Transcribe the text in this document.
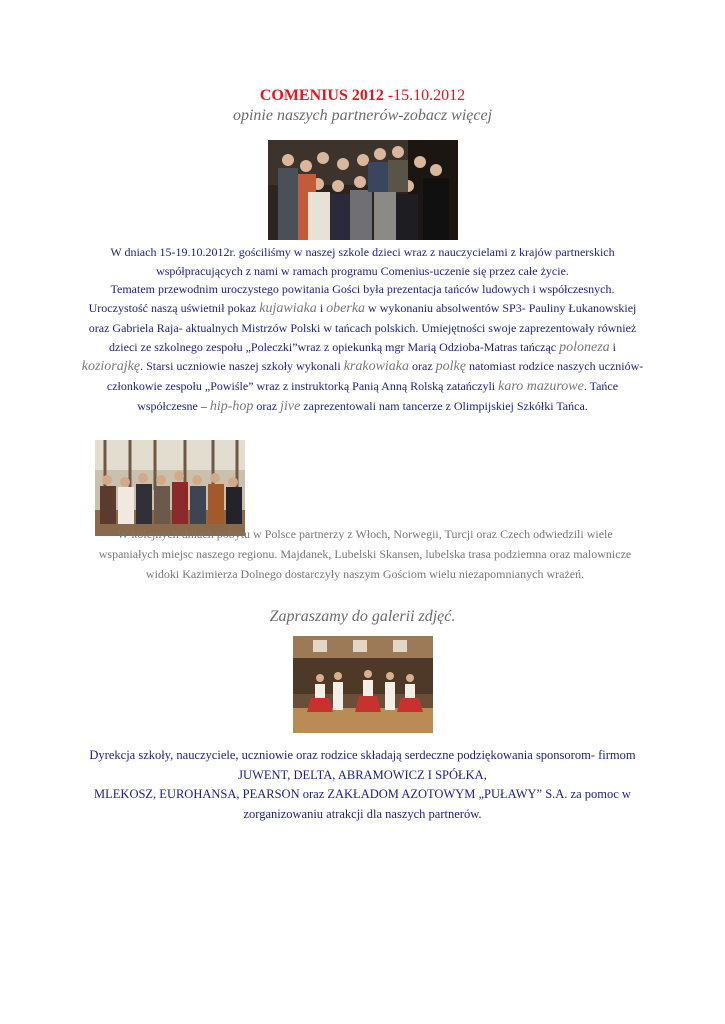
COMENIUS 2012 -15.10.2012
opinie naszych partnerów-zobacz więcej
W dniach 15-19.10.2012r. gościliśmy w naszej szkole dzieci wraz z nauczycielami z krajów partnerskich współpracujących z nami w ramach programu Comenius-uczenie się przez całe życie.
Tematem przewodnim uroczystego powitania Gości była prezentacja tańców ludowych i współczesnych. Uroczystość naszą uświetnił pokaz kujawiaka i oberka w wykonaniu absolwentów SP3- Pauliny Łukanowskiej oraz Gabriela Raja- aktualnych Mistrzów Polski w tańcach polskich. Umiejętności swoje zaprezentowały również dzieci ze szkolnego zespołu „Poleczki”wraz z opiekunką mgr Marią Odzioba-Matras tańcząc poloneza i koziorajkę. Starsi uczniowie naszej szkoły wykonali krakowiaka oraz polkę natomiast rodzice naszych uczniów-członkowie zespołu „Powiśle” wraz z instruktorką Panią Anną Rolską zatańczyli karo mazurowe. Tańce współczesne – hip-hop oraz jive zaprezentowali nam tancerze z Olimpijskiej Szkółki Tańca.
W kolejnych dniach pobytu w Polsce partnerzy z Włoch, Norwegii, Turcji oraz Czech odwiedzili wiele wspaniałych miejsc naszego regionu. Majdanek, Lubelski Skansen, lubelska trasa podziemna oraz malownicze widoki Kazimierza Dolnego dostarczyły naszym Gościom wielu niezapomnianych wrażeń.
Zapraszamy do galerii zdjęć.
Dyrekcja szkoły, nauczyciele, uczniowie oraz rodzice składają serdeczne podziękowania sponsorom- firmom
JUWENT, DELTA, ABRAMOWICZ I SPÓŁKA,
MLEKOSZ, EUROHANSA, PEARSON oraz ZAKŁADOM AZOTOWYM „PUŁAWY” S.A. za pomoc w zorganizowaniu atrakcji dla naszych partnerów.
